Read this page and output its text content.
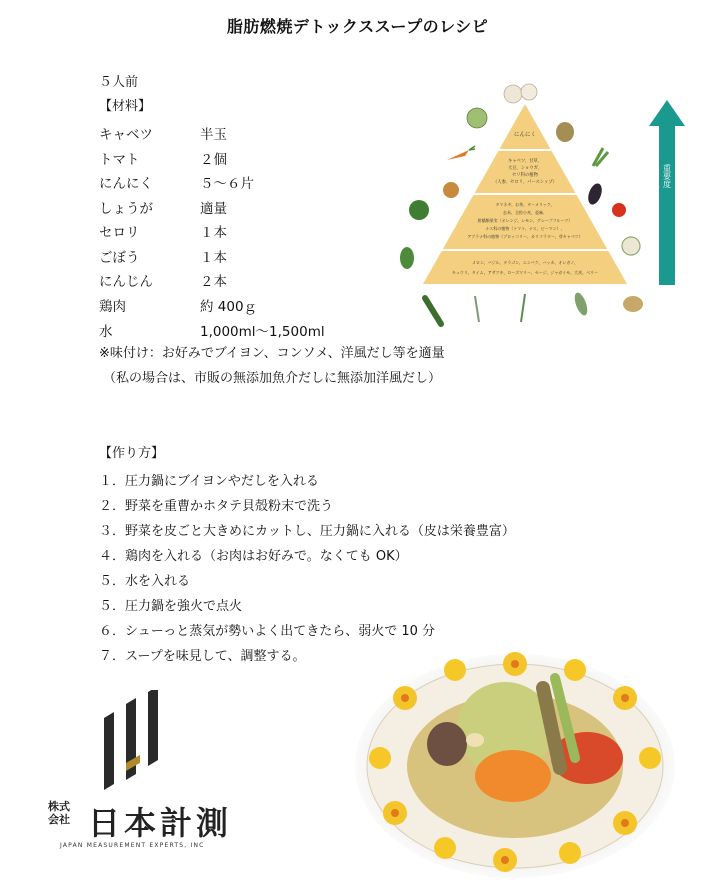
脂肪燃焼デトックススープのレシピ
５人前
【材料】
キャベツ	半玉
トマト	２個
にんにく	５～６片
しょうが	適量
セロリ	１本
ごぼう	１本
にんじん	２本
鶏肉	約 400ｇ
水	1,000ml～1,500ml
※味付け：お好みでブイヨン、コンソメ、洋風だし等を適量
（私の場合は、市販の無添加魚介だしに無添加洋風だし）
【作り方】
１．圧力鍋にブイヨンやだしを入れる
２．野菜を重曹かホタテ貝殻粉末で洗う
３．野菜を皮ごと大きめにカットし、圧力鍋に入れる（皮は栄養豊富）
４．鶏肉を入れる（お肉はお好みで。なくても OK）
５．水を入れる
５．圧力鍋を強火で点火
６．シューっと蒸気が勢いよく出てきたら、弱火で 10 分
７．スープを味見して、調整する。
にんにく
キャベツ、甘草、
大豆、ショウガ、
セリ科の植物
（人参、セロリ、パースシップ）
タマネギ、お茶、ターメリック、
玄米、全粒小麦、亜麻、
柑橘類果実（オレンジ、レモン、グレープフルーツ）
ナス科の植物（トマト、ナス、ピーマン）、
アブラナ科の植物（ブロッコリー、カリフラワー、芽キャベツ）
メロン、バジル、タラゴン、エンバク、ハッカ、オレガノ、
キュウリ、タイム、アサツキ、ローズマリー、セージ、ジャガイモ、大麦、ベリー
重要度
株式会社 日本計測
JAPAN MEASUREMENT EXPERTS, INC
